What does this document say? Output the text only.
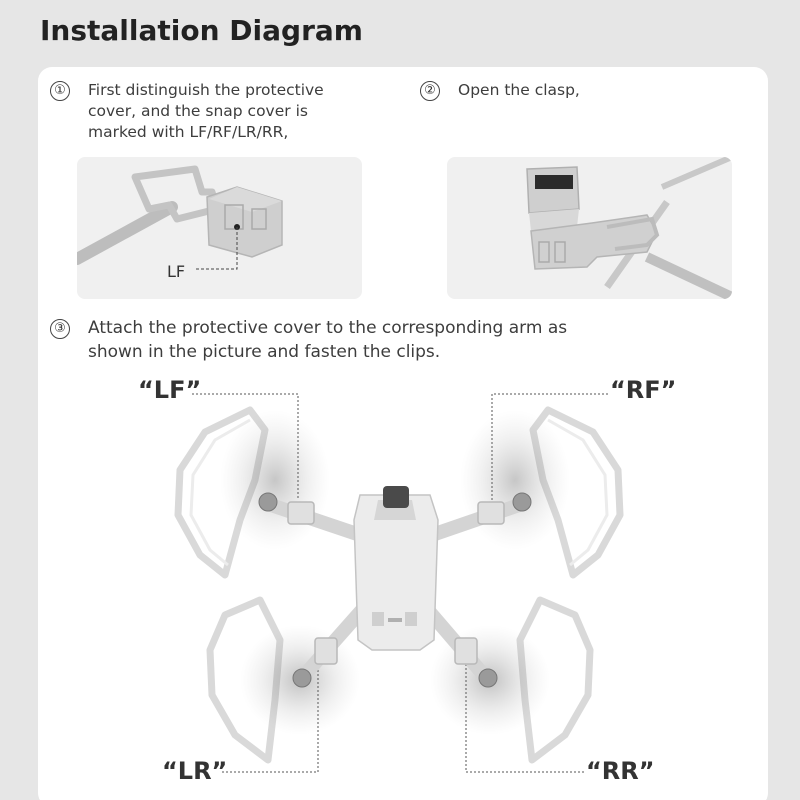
Installation Diagram
① First distinguish the protective
cover, and the snap cover is
marked with LF/RF/LR/RR,
② Open the clasp,
LF
③ Attach the protective cover to the corresponding arm as
shown in the picture and fasten the clips.
“LF”	“RF”
“LR”	“RR”
